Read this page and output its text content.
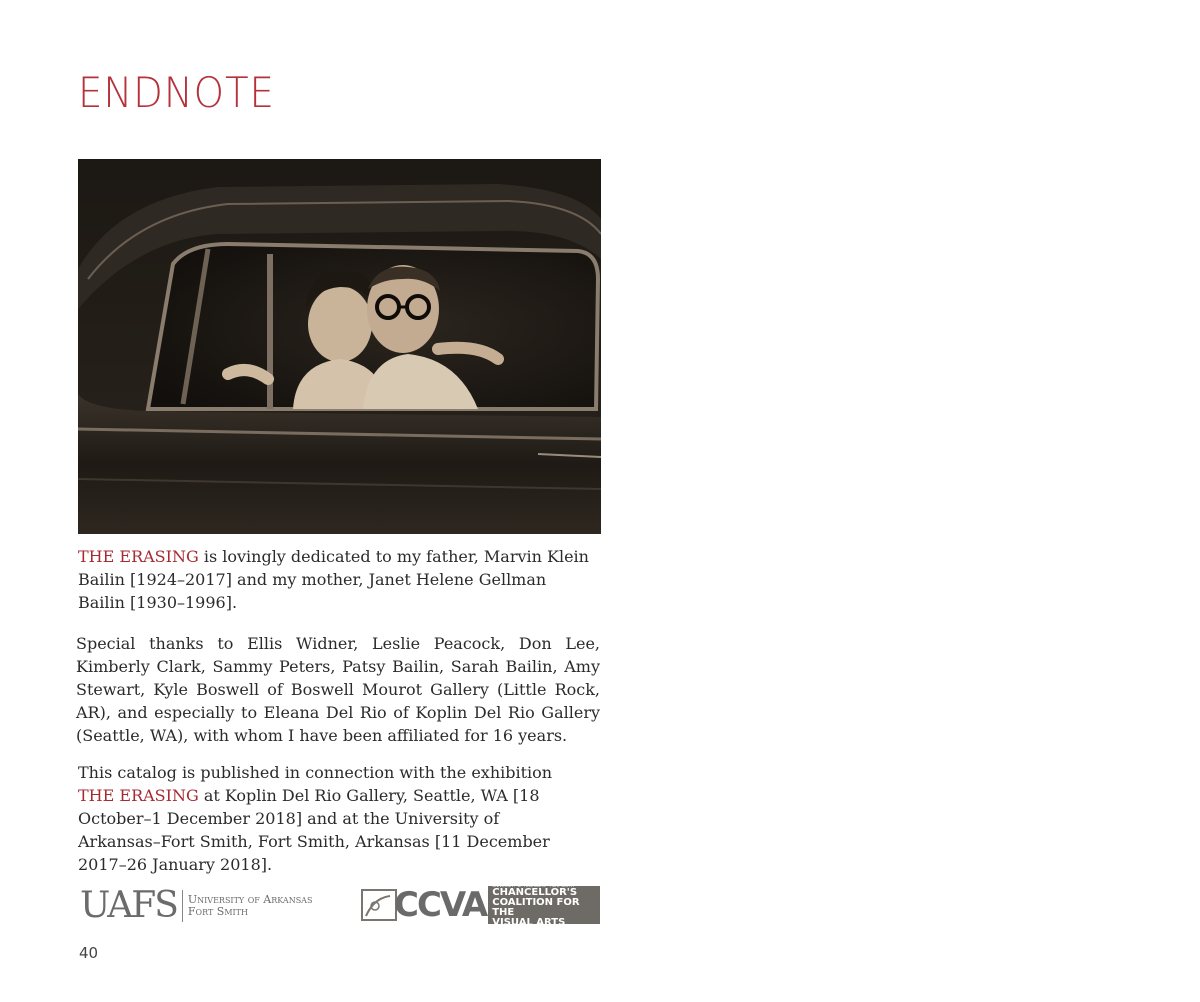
ENDNOTE

THE ERASING is lovingly dedicated to my father, Marvin Klein Bailin [1924–2017] and my mother, Janet Helene Gellman Bailin [1930–1996].

Special thanks to Ellis Widner, Leslie Peacock, Don Lee, Kimberly Clark, Sammy Peters, Patsy Bailin, Sarah Bailin, Amy Stewart, Kyle Boswell of Boswell Mourot Gallery (Little Rock, AR), and especially to Eleana Del Rio of Koplin Del Rio Gallery (Seattle, WA), with whom I have been affiliated for 16 years.

This catalog is published in connection with the exhibition THE ERASING at Koplin Del Rio Gallery, Seattle, WA [18 October–1 December 2018] and at the University of Arkansas–Fort Smith, Fort Smith, Arkansas [11 December 2017–26 January 2018].

UAFS University of Arkansas
Fort Smith	CCVA UNIVERSITY OF ARKANSAS - FORT SMITH
CHANCELLOR'S
COALITION FOR THE
VISUAL ARTS
40
